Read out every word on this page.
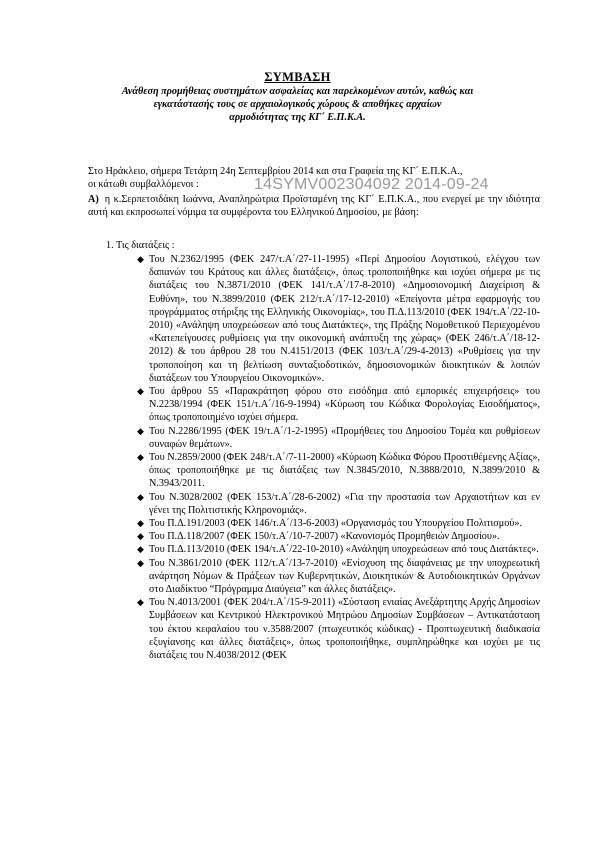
ΣΥΜΒΑΣΗ
Ανάθεση προμήθειας συστημάτων ασφαλείας και παρελκομένων αυτών, καθώς και
εγκατάστασής τους σε αρχαιολογικούς χώρους & αποθήκες αρχαίων
αρμοδιότητας της ΚΓ΄ Ε.Π.Κ.Α.
Στο Ηράκλειο, σήμερα Τετάρτη 24η Σεπτεμβρίου 2014 και στα Γραφεία της ΚΓ΄ Ε.Π.Κ.Α.,
οι κάτωθι συμβαλλόμενοι :	14SYMV002304092 2014-09-24
Α) η κ.Σερπετσιδάκη Ιωάννα, Αναπληρώτρια Προϊσταμένη της ΚΓ΄ Ε.Π.Κ.Α., που ενεργεί με την ιδιότητα αυτή και εκπροσωπεί νόμιμα τα συμφέροντα του Ελληνικού Δημοσίου, με βάση:
1. Τις διατάξεις :
◆ Του Ν.2362/1995 (ΦΕΚ 247/τ.Α΄/27-11-1995) «Περί Δημοσίου Λογιστικού, ελέγχου των δαπανών του Κράτους και άλλες διατάξεις», όπως τροποποιήθηκε και ισχύει σήμερα με τις διατάξεις του Ν.3871/2010 (ΦΕΚ 141/τ.Α΄/17-8-2010) «Δημοσιονομική Διαχείριση & Ευθύνη», του Ν.3899/2010 (ΦΕΚ 212/τ.Α΄/17-12-2010) «Επείγοντα μέτρα εφαρμογής του προγράμματος στήριξης της Ελληνικής Οικονομίας», του Π.Δ.113/2010 (ΦΕΚ 194/τ.Α΄/22-10-2010) «Ανάληψη υποχρεώσεων από τους Διατάκτες», της Πράξης Νομοθετικού Περιεχομένου «Κατεπείγουσες ρυθμίσεις για την οικονομική ανάπτυξη της χώρας» (ΦΕΚ 246/τ.Α΄/18-12-2012) & του άρθρου 28 του Ν.4151/2013 (ΦΕΚ 103/τ.Α΄/29-4-2013) «Ρυθμίσεις για την τροποποίηση και τη βελτίωση συνταξιοδοτικών, δημοσιονομικών διοικητικών & λοιπών διατάξεων του Υπουργείου Οικονομικών».
◆ Του άρθρου 55 «Παρακράτηση φόρου στο εισόδημα από εμπορικές επιχειρήσεις» του Ν.2238/1994 (ΦΕΚ 151/τ.Α΄/16-9-1994) «Κύρωση του Κώδικα Φορολογίας Εισοδήματος», όπως τροποποιημένο ισχύει σήμερα.
◆ Του Ν.2286/1995 (ΦΕΚ 19/τ.Α΄/1-2-1995) «Προμήθειες του Δημοσίου Τομέα και ρυθμίσεων συναφών θεμάτων».
◆ Του Ν.2859/2000 (ΦΕΚ 248/τ.Α΄/7-11-2000) «Κύρωση Κώδικα Φόρου Προστιθέμενης Αξίας», όπως τροποποιήθηκε με τις διατάξεις των Ν.3845/2010, Ν.3888/2010, Ν.3899/2010 & Ν.3943/2011.
◆ Του Ν.3028/2002 (ΦΕΚ 153/τ.Α΄/28-6-2002) «Για την προστασία των Αρχαιοτήτων και εν γένει της Πολιτιστικής Κληρονομιάς».
◆ Του Π.Δ.191/2003 (ΦΕΚ 146/τ.Α΄/13-6-2003) «Οργανισμός του Υπουργείου Πολιτισμού».
◆ Του Π.Δ.118/2007 (ΦΕΚ 150/τ.Α΄/10-7-2007) «Κανονισμός Προμηθειών Δημοσίου».
◆ Του Π.Δ.113/2010 (ΦΕΚ 194/τ.Α΄/22-10-2010) «Ανάληψη υποχρεώσεων από τους Διατάκτες».
◆ Του Ν.3861/2010 (ΦΕΚ 112/τ.Α΄/13-7-2010) «Ενίσχυση της διαφάνειας με την υποχρεωτική ανάρτηση Νόμων & Πράξεων των Κυβερνητικών, Διοικητικών & Αυτοδιοικητικών Οργάνων στο Διαδίκτυο “Πρόγραμμα Διαύγεια” και άλλες διατάξεις».
◆ Του Ν.4013/2001 (ΦΕΚ 204/τ.Α΄/15-9-2011) «Σύσταση ενιαίας Ανεξάρτητης Αρχής Δημοσίων Συμβάσεων και Κεντρικού Ηλεκτρονικού Μητρώου Δημοσίων Συμβάσεων – Αντικατάσταση του έκτου κεφαλαίου του ν.3588/2007 (πτωχευτικός κώδικας) - Προπτωχευτική διαδικασία εξυγίανσης και άλλες διατάξεις», όπως τροποποιήθηκε, συμπληρώθηκε και ισχύει με τις διατάξεις του Ν.4038/2012 (ΦΕΚ
